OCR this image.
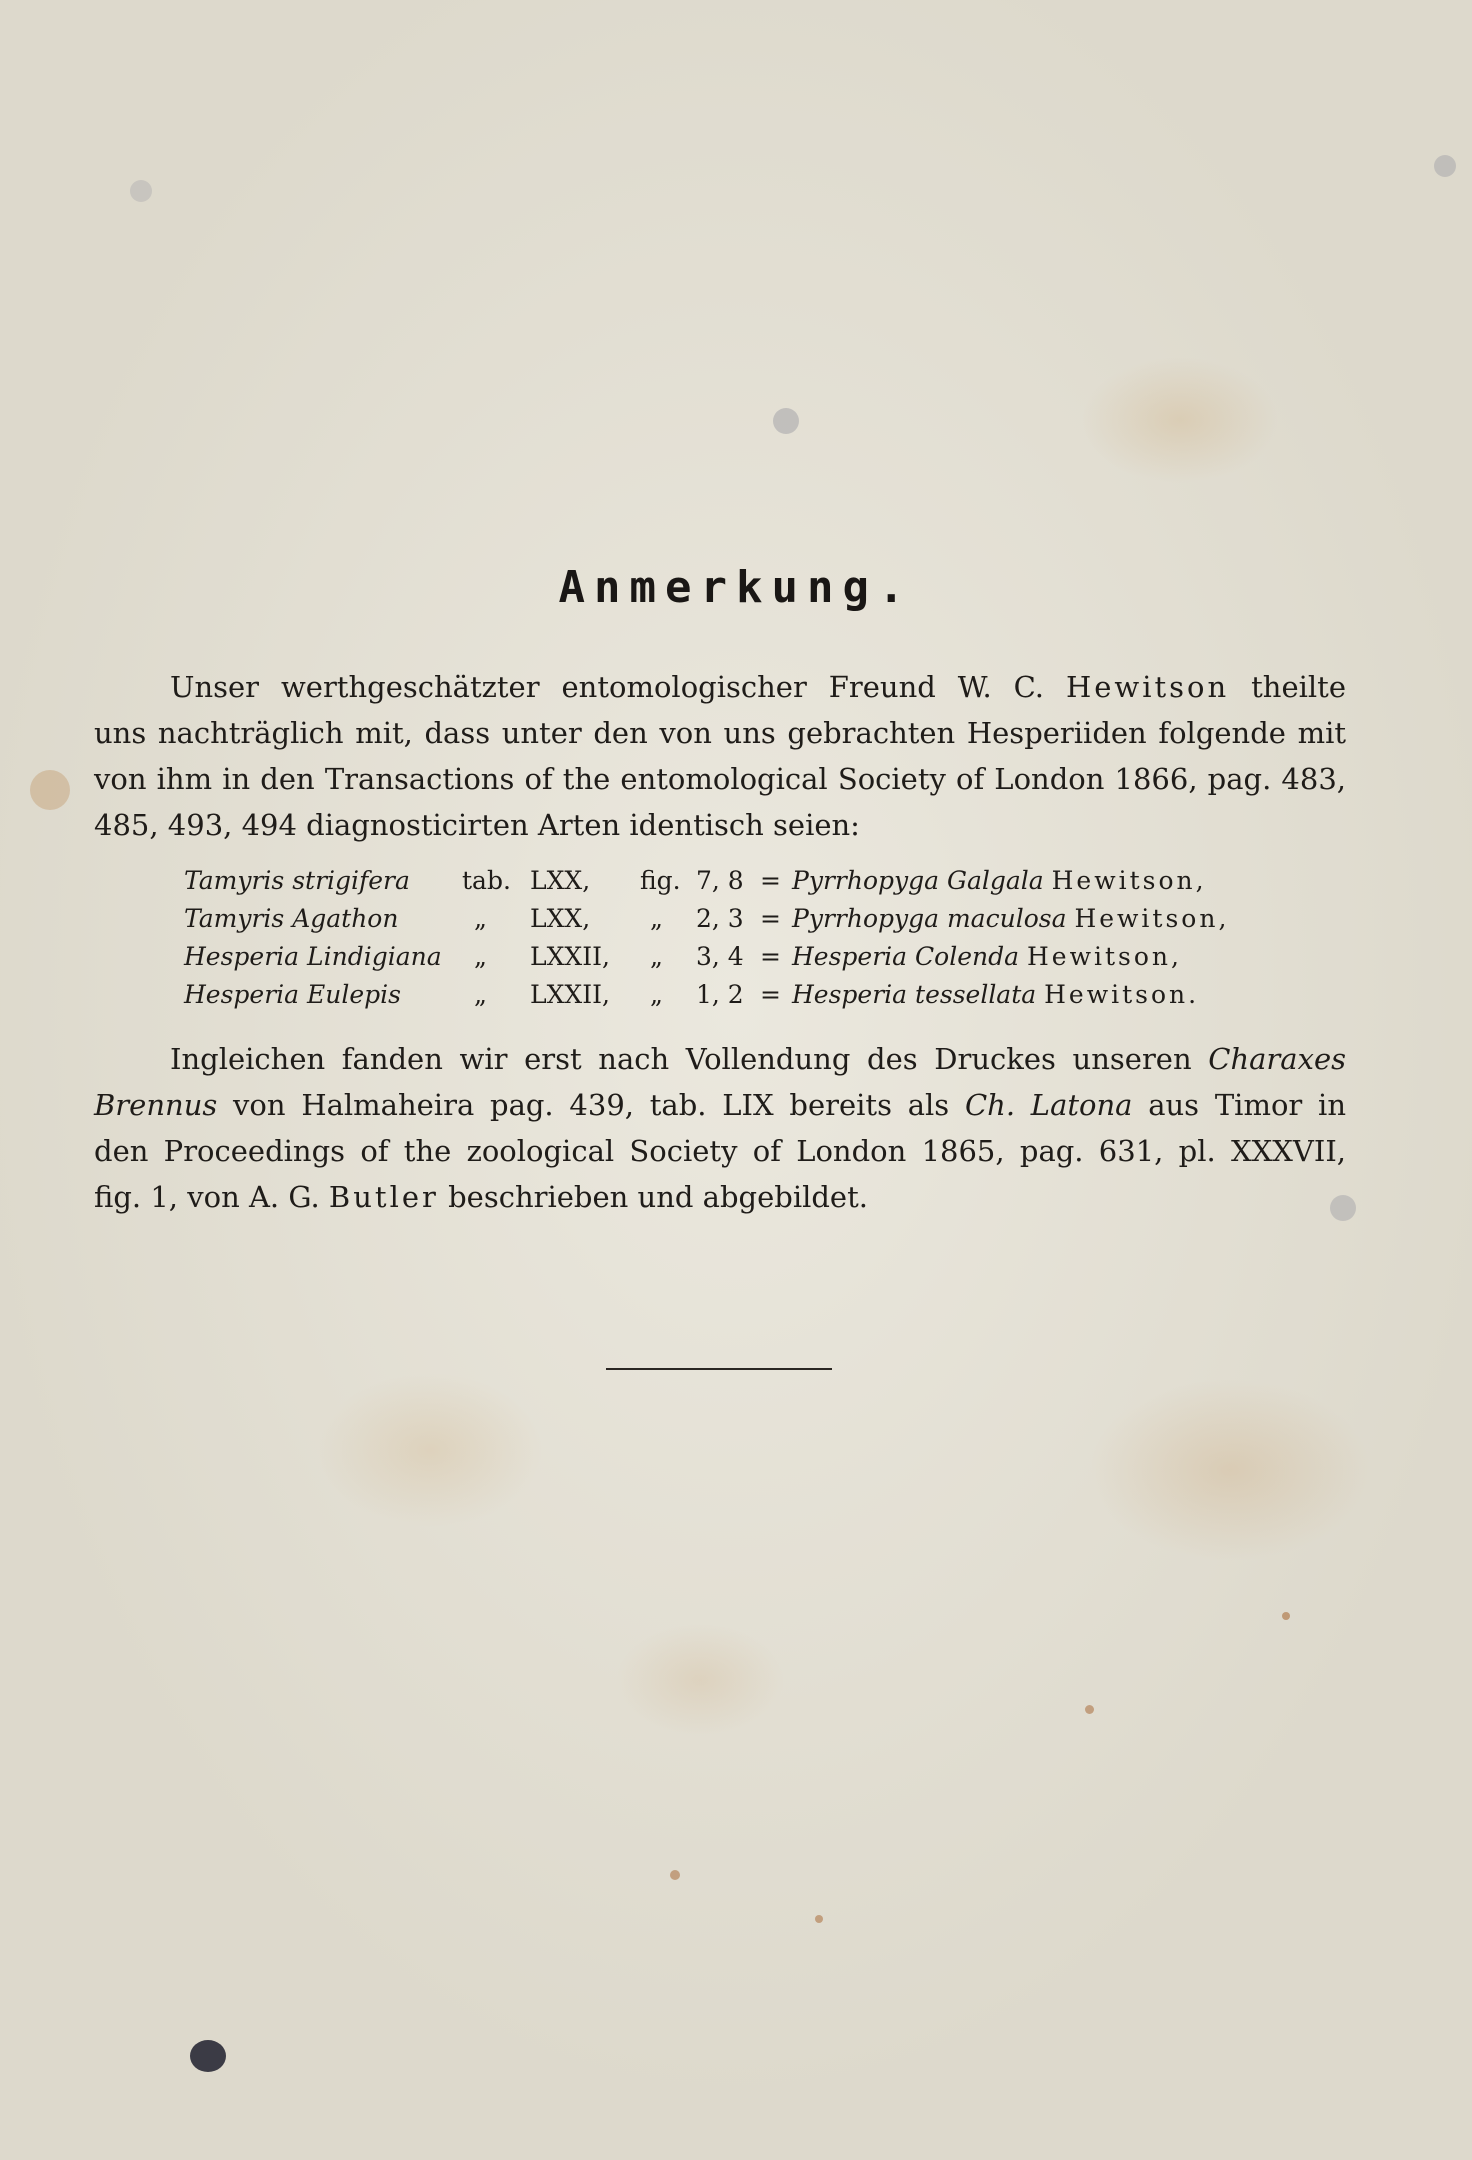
Anmerkung.
Unser werthgeschätzter entomologischer Freund W. C. Hewitson theilte
uns nachträglich mit, dass unter den von uns gebrachten Hesperiiden folgende mit
von ihm in den Transactions of the entomological Society of London 1866, pag. 483,
485, 493, 494 diagnosticirten Arten identisch seien:
Tamyris strigifera tab. LXX, fig. 7, 8 = Pyrrhopyga Galgala Hewitson,
Tamyris Agathon	„ LXX, „ 2, 3 = Pyrrhopyga maculosa Hewitson,
Hesperia Lindigiana „ LXXII, „ 3, 4 = Hesperia Colenda Hewitson,
Hesperia Eulepis	„ LXXII, „ 1, 2 = Hesperia tessellata Hewitson.
Ingleichen fanden wir erst nach Vollendung des Druckes unseren Charaxes
Brennus von Halmaheira pag. 439, tab. LIX bereits als Ch. Latona aus Timor in
den Proceedings of the zoological Society of London 1865, pag. 631, pl. XXXVII,
fig. 1, von A. G. Butler beschrieben und abgebildet.
